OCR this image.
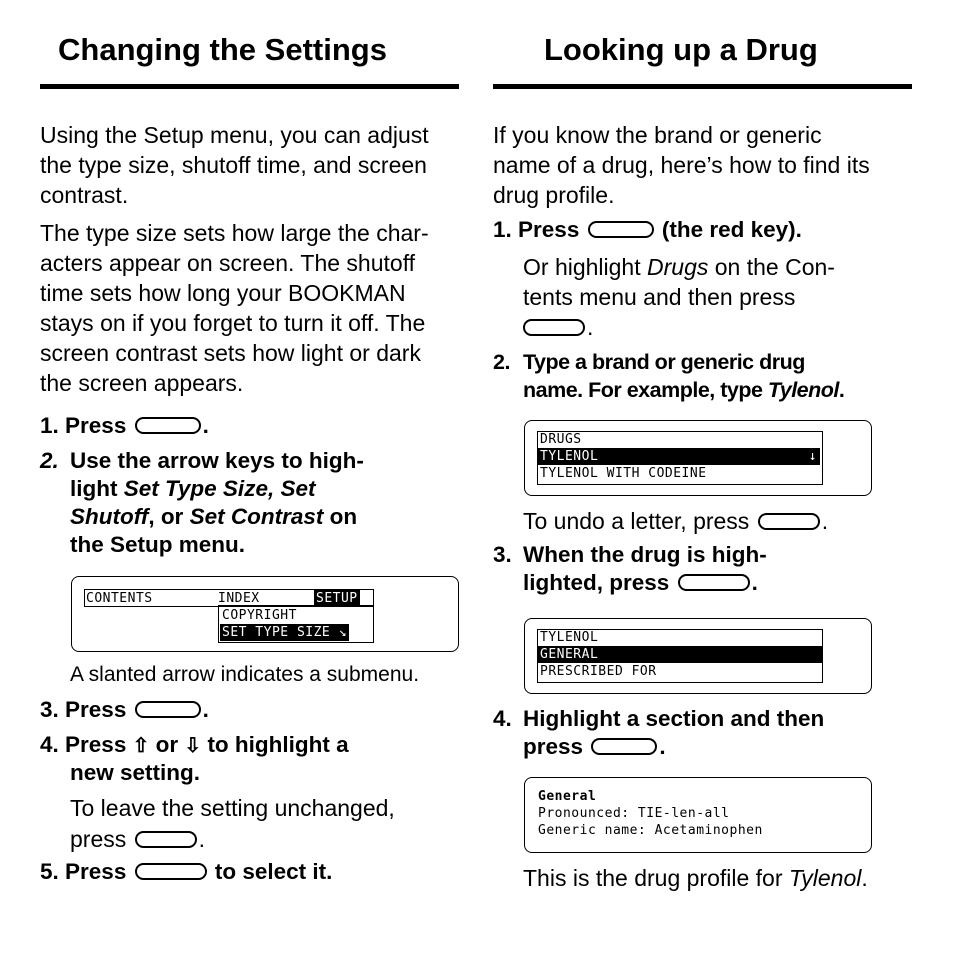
Changing the Settings
Using the Setup menu, you can adjust
the type size, shutoff time, and screen
contrast.
The type size sets how large the char-
acters appear on screen. The shutoff
time sets how long your BOOKMAN
stays on if you forget to turn it off. The
screen contrast sets how light or dark
the screen appears.
1. Press	.
2. Use the arrow keys to high-
light Set Type Size, Set
Shutoff, or Set Contrast on
the Setup menu.
CONTENTS	INDEX	SETUP
COPYRIGHT
SET TYPE SIZE ↘
A slanted arrow indicates a submenu.
3. Press	.
4. Press ⇧ or ⇩ to highlight a
new setting.
To leave the setting unchanged,
press	.
5. Press	to select it.
Looking up a Drug
If you know the brand or generic
name of a drug, here’s how to find its
drug profile.
1. Press	(the red key).
Or highlight Drugs on the Con-
tents menu and then press
.
2. Type a brand or generic drug
name. For example, type Tylenol.
DRUGS
TYLENOL	↓
TYLENOL WITH CODEINE
To undo a letter, press	.
3. When the drug is high-
lighted, press	.
TYLENOL
GENERAL
PRESCRIBED FOR
4. Highlight a section and then
press	.
General
Pronounced: TIE-len-all
Generic name: Acetaminophen
This is the drug profile for Tylenol.
